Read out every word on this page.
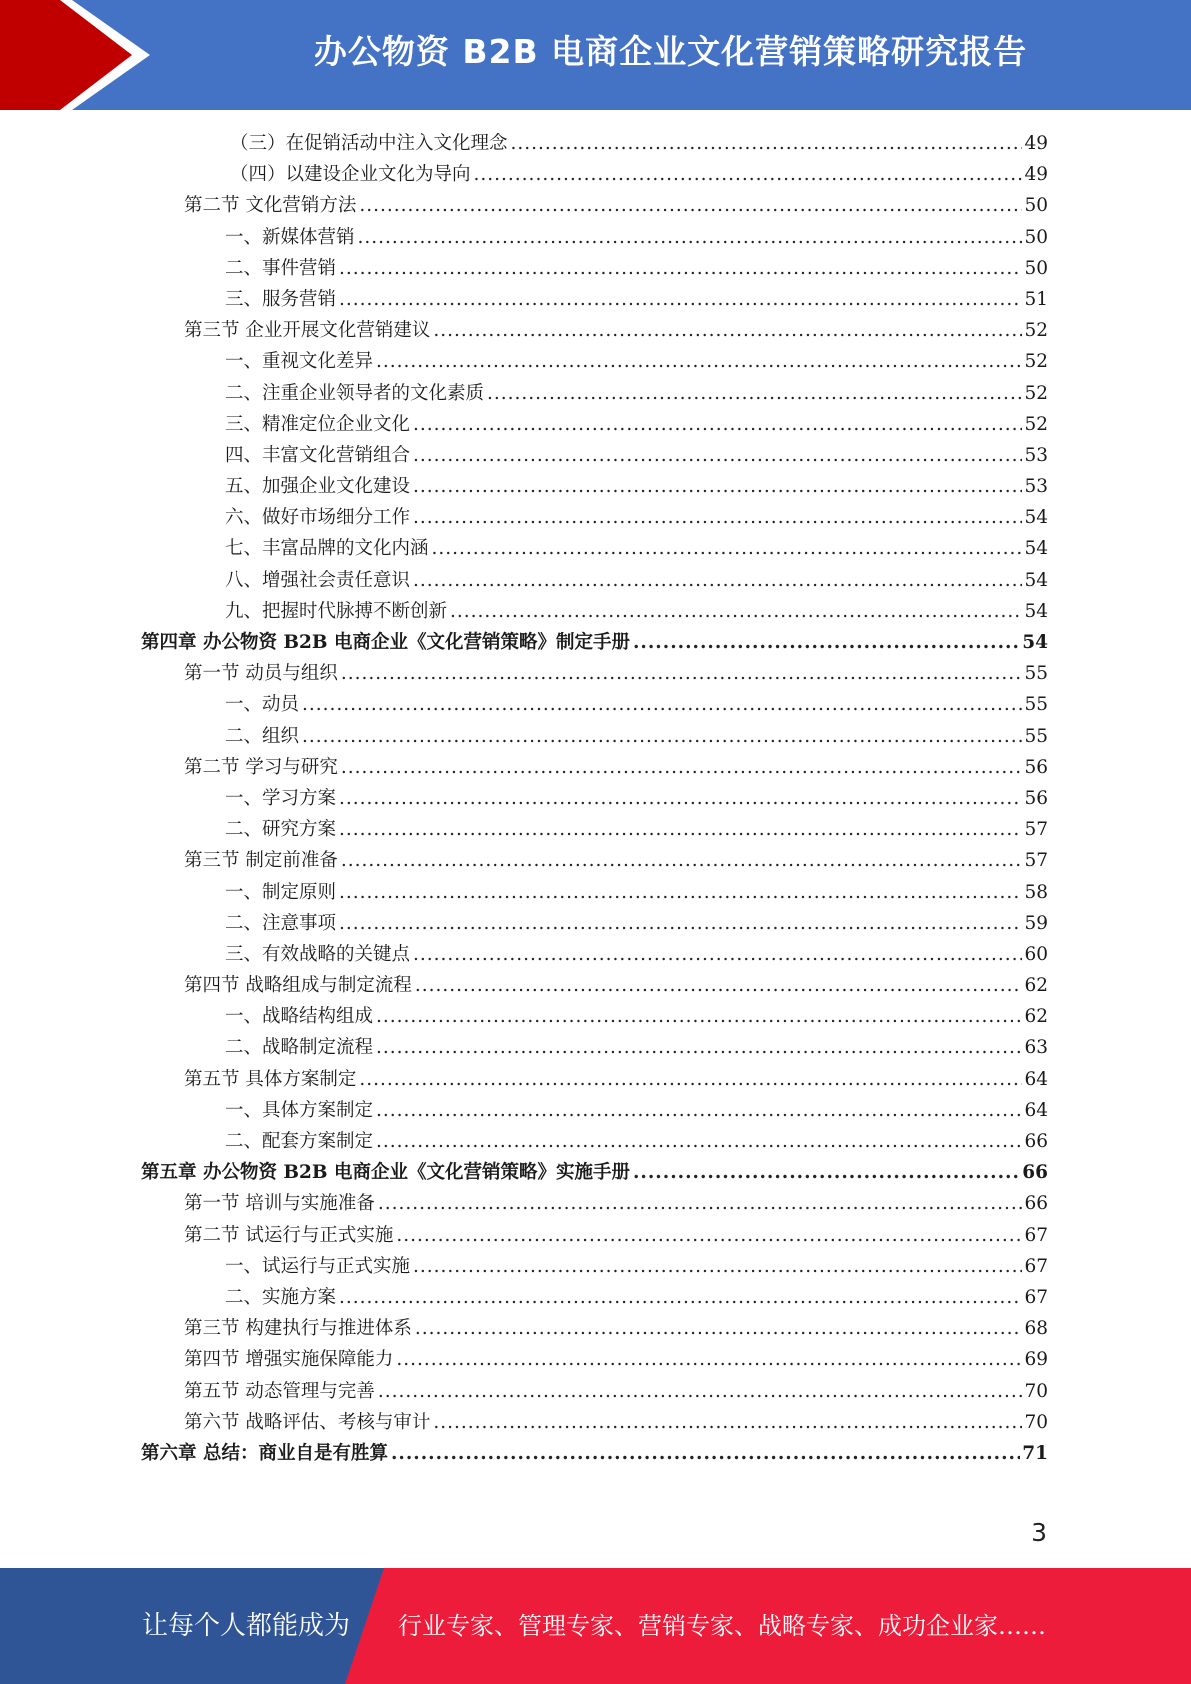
办公物资 B2B 电商企业文化营销策略研究报告
（三）在促销活动中注入文化理念 .....	49
（四）以建设企业文化为导向 .....	49
第二节 文化营销方法 .....	50
一、新媒体营销 .....	50
二、事件营销 .....	50
三、服务营销 .....	51
第三节 企业开展文化营销建议 .....	52
一、重视文化差异 .....	52
二、注重企业领导者的文化素质 .....	52
三、精准定位企业文化 .....	52
四、丰富文化营销组合 .....	53
五、加强企业文化建设 .....	53
六、做好市场细分工作 .....	54
七、丰富品牌的文化内涵 .....	54
八、增强社会责任意识 .....	54
九、把握时代脉搏不断创新 .....	54
第四章 办公物资 B2B 电商企业《文化营销策略》制定手册 .....	54
第一节 动员与组织 .....	55
一、动员 .....	55
二、组织 .....	55
第二节 学习与研究 .....	56
一、学习方案 .....	56
二、研究方案 .....	57
第三节 制定前准备 .....	57
一、制定原则 .....	58
二、注意事项 .....	59
三、有效战略的关键点 .....	60
第四节 战略组成与制定流程 .....	62
一、战略结构组成 .....	62
二、战略制定流程 .....	63
第五节 具体方案制定 .....	64
一、具体方案制定 .....	64
二、配套方案制定 .....	66
第五章 办公物资 B2B 电商企业《文化营销策略》实施手册 .....	66
第一节 培训与实施准备 .....	66
第二节 试运行与正式实施 .....	67
一、试运行与正式实施 .....	67
二、实施方案 .....	67
第三节 构建执行与推进体系 .....	68
第四节 增强实施保障能力 .....	69
第五节 动态管理与完善 .....	70
第六节 战略评估、考核与审计 .....	70
第六章 总结：商业自是有胜算 .....	71
3
让每个人都能成为 行业专家、管理专家、营销专家、战略专家、成功企业家……
